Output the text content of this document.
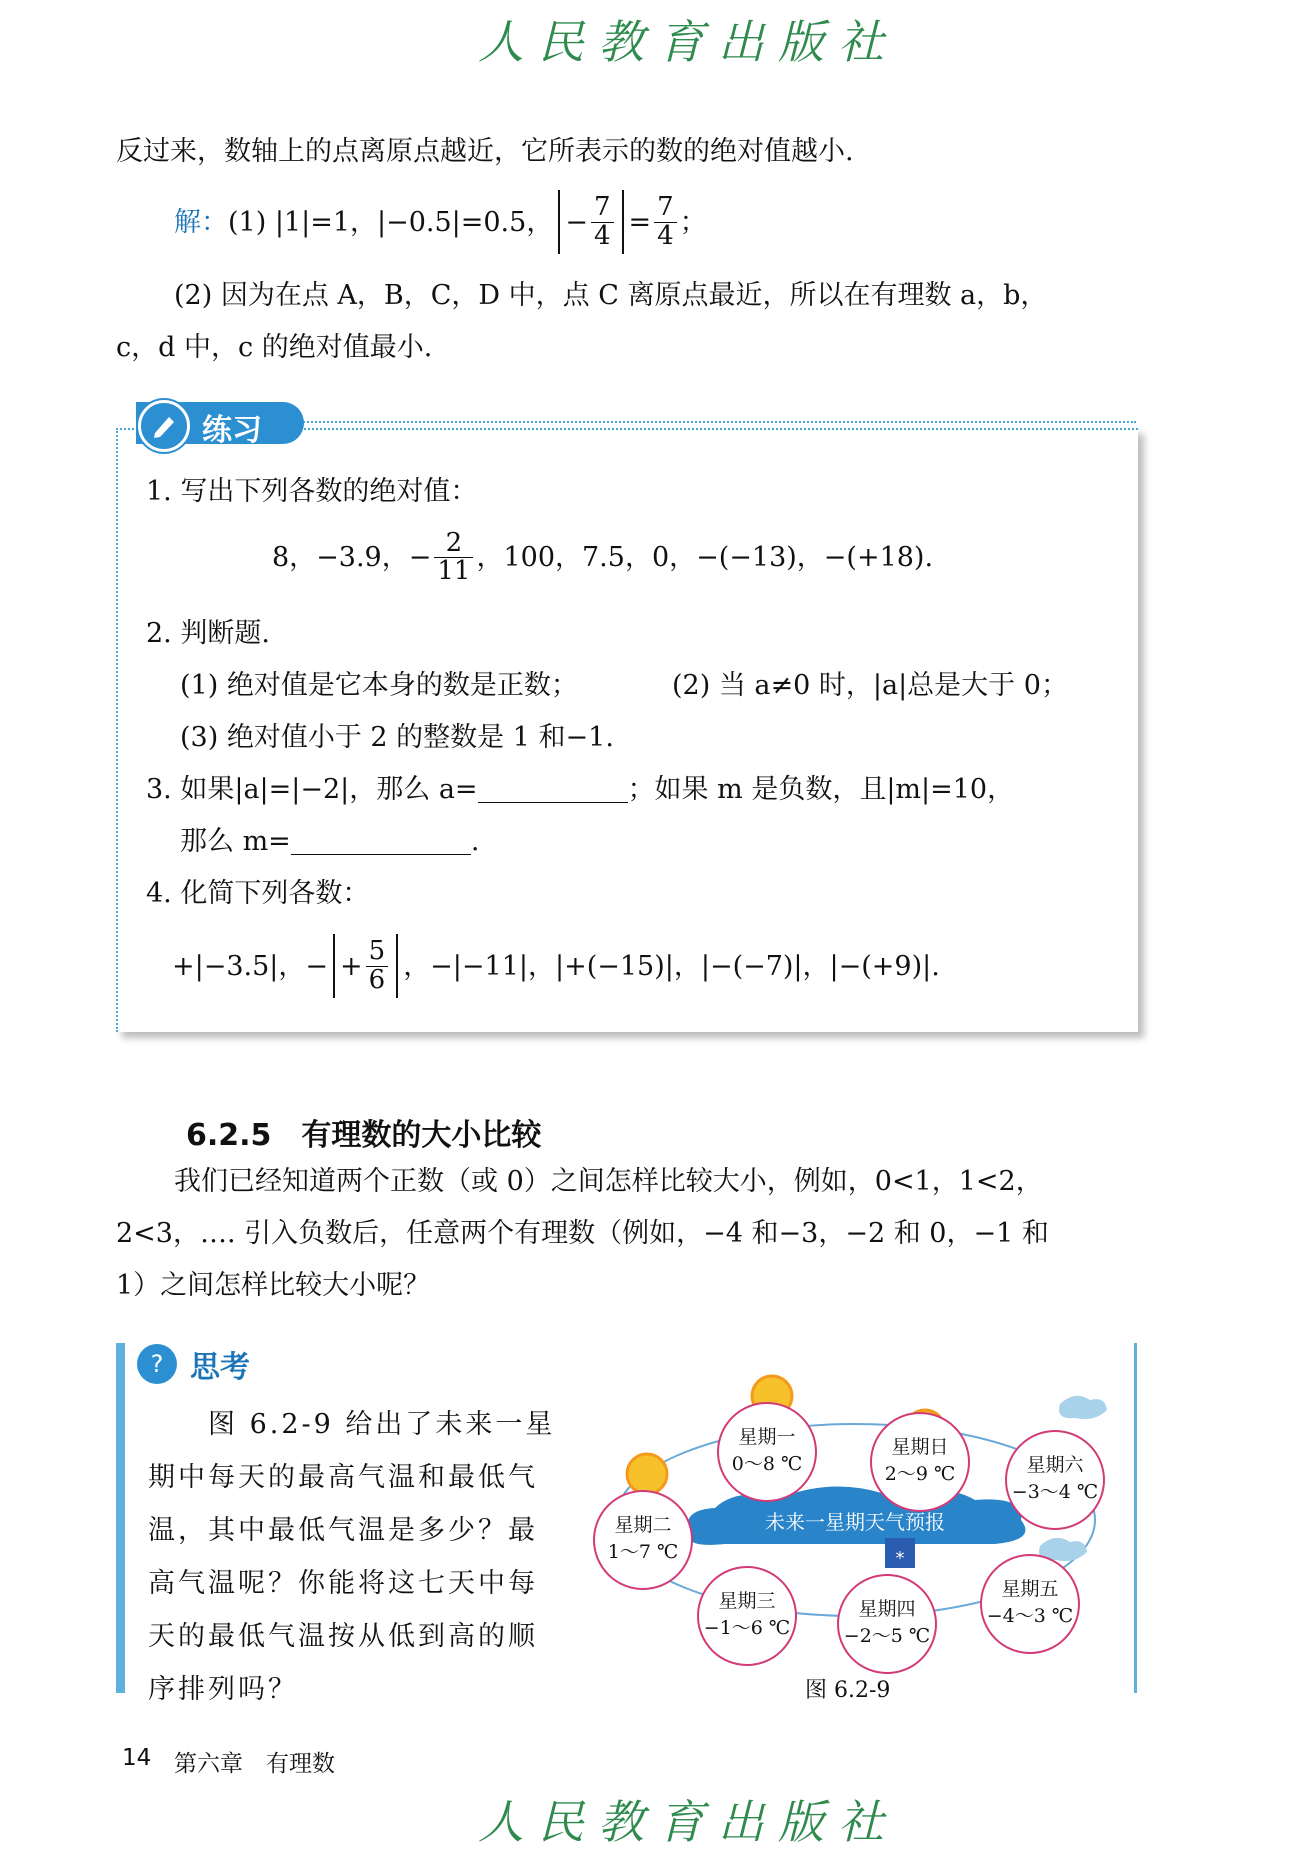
人民教育出版社
反过来，数轴上的点离原点越近，它所表示的数的绝对值越小.
解： (1) |1|=1，|−0.5|=0.5， − $\frac{7}{4} = \frac{7}{4}$ ；
(2) 因为在点 A，B，C，D 中，点 C 离原点最近，所以在有理数 a，b，
c，d 中，c 的绝对值最小.
练习
1. 写出下列各数的绝对值：
8，−3.9，− $\frac{2}{11}$ ，100，7.5，0，−(−13)，−(+18).
2. 判断题.
(1) 绝对值是它本身的数是正数；	(2) 当 a≠0 时，|a|总是大于 0；
(3) 绝对值小于 2 的整数是 1 和−1.
3. 如果|a|=|−2|，那么 a=	；如果 m 是负数，且|m|=10，
那么 m=	.
4. 化简下列各数：
+|−3.5|，− + $\frac{5}{6}$ ，−|−11|，|+(−15)|，|−(−7)|，|−(+9)|.
6.2.5　有理数的大小比较
我们已经知道两个正数（或 0）之间怎样比较大小，例如，0<1，1<2，
2<3，…. 引入负数后，任意两个有理数（例如，−4 和−3，−2 和 0，−1 和
1）之间怎样比较大小呢？
? 思考
图 6.2-9 给出了未来一星
期中每天的最高气温和最低气
温，其中最低气温是多少？最
高气温呢？你能将这七天中每
天的最低气温按从低到高的顺
序排列吗？
*
未来一星期天气预报
星期一
0～8 ℃
星期二
1～7 ℃
星期三
−1～6 ℃
星期四
−2～5 ℃
星期五
−4～3 ℃
星期六
−3～4 ℃
星期日
2～9 ℃
图 6.2-9
14 第六章　有理数
人民教育出版社
